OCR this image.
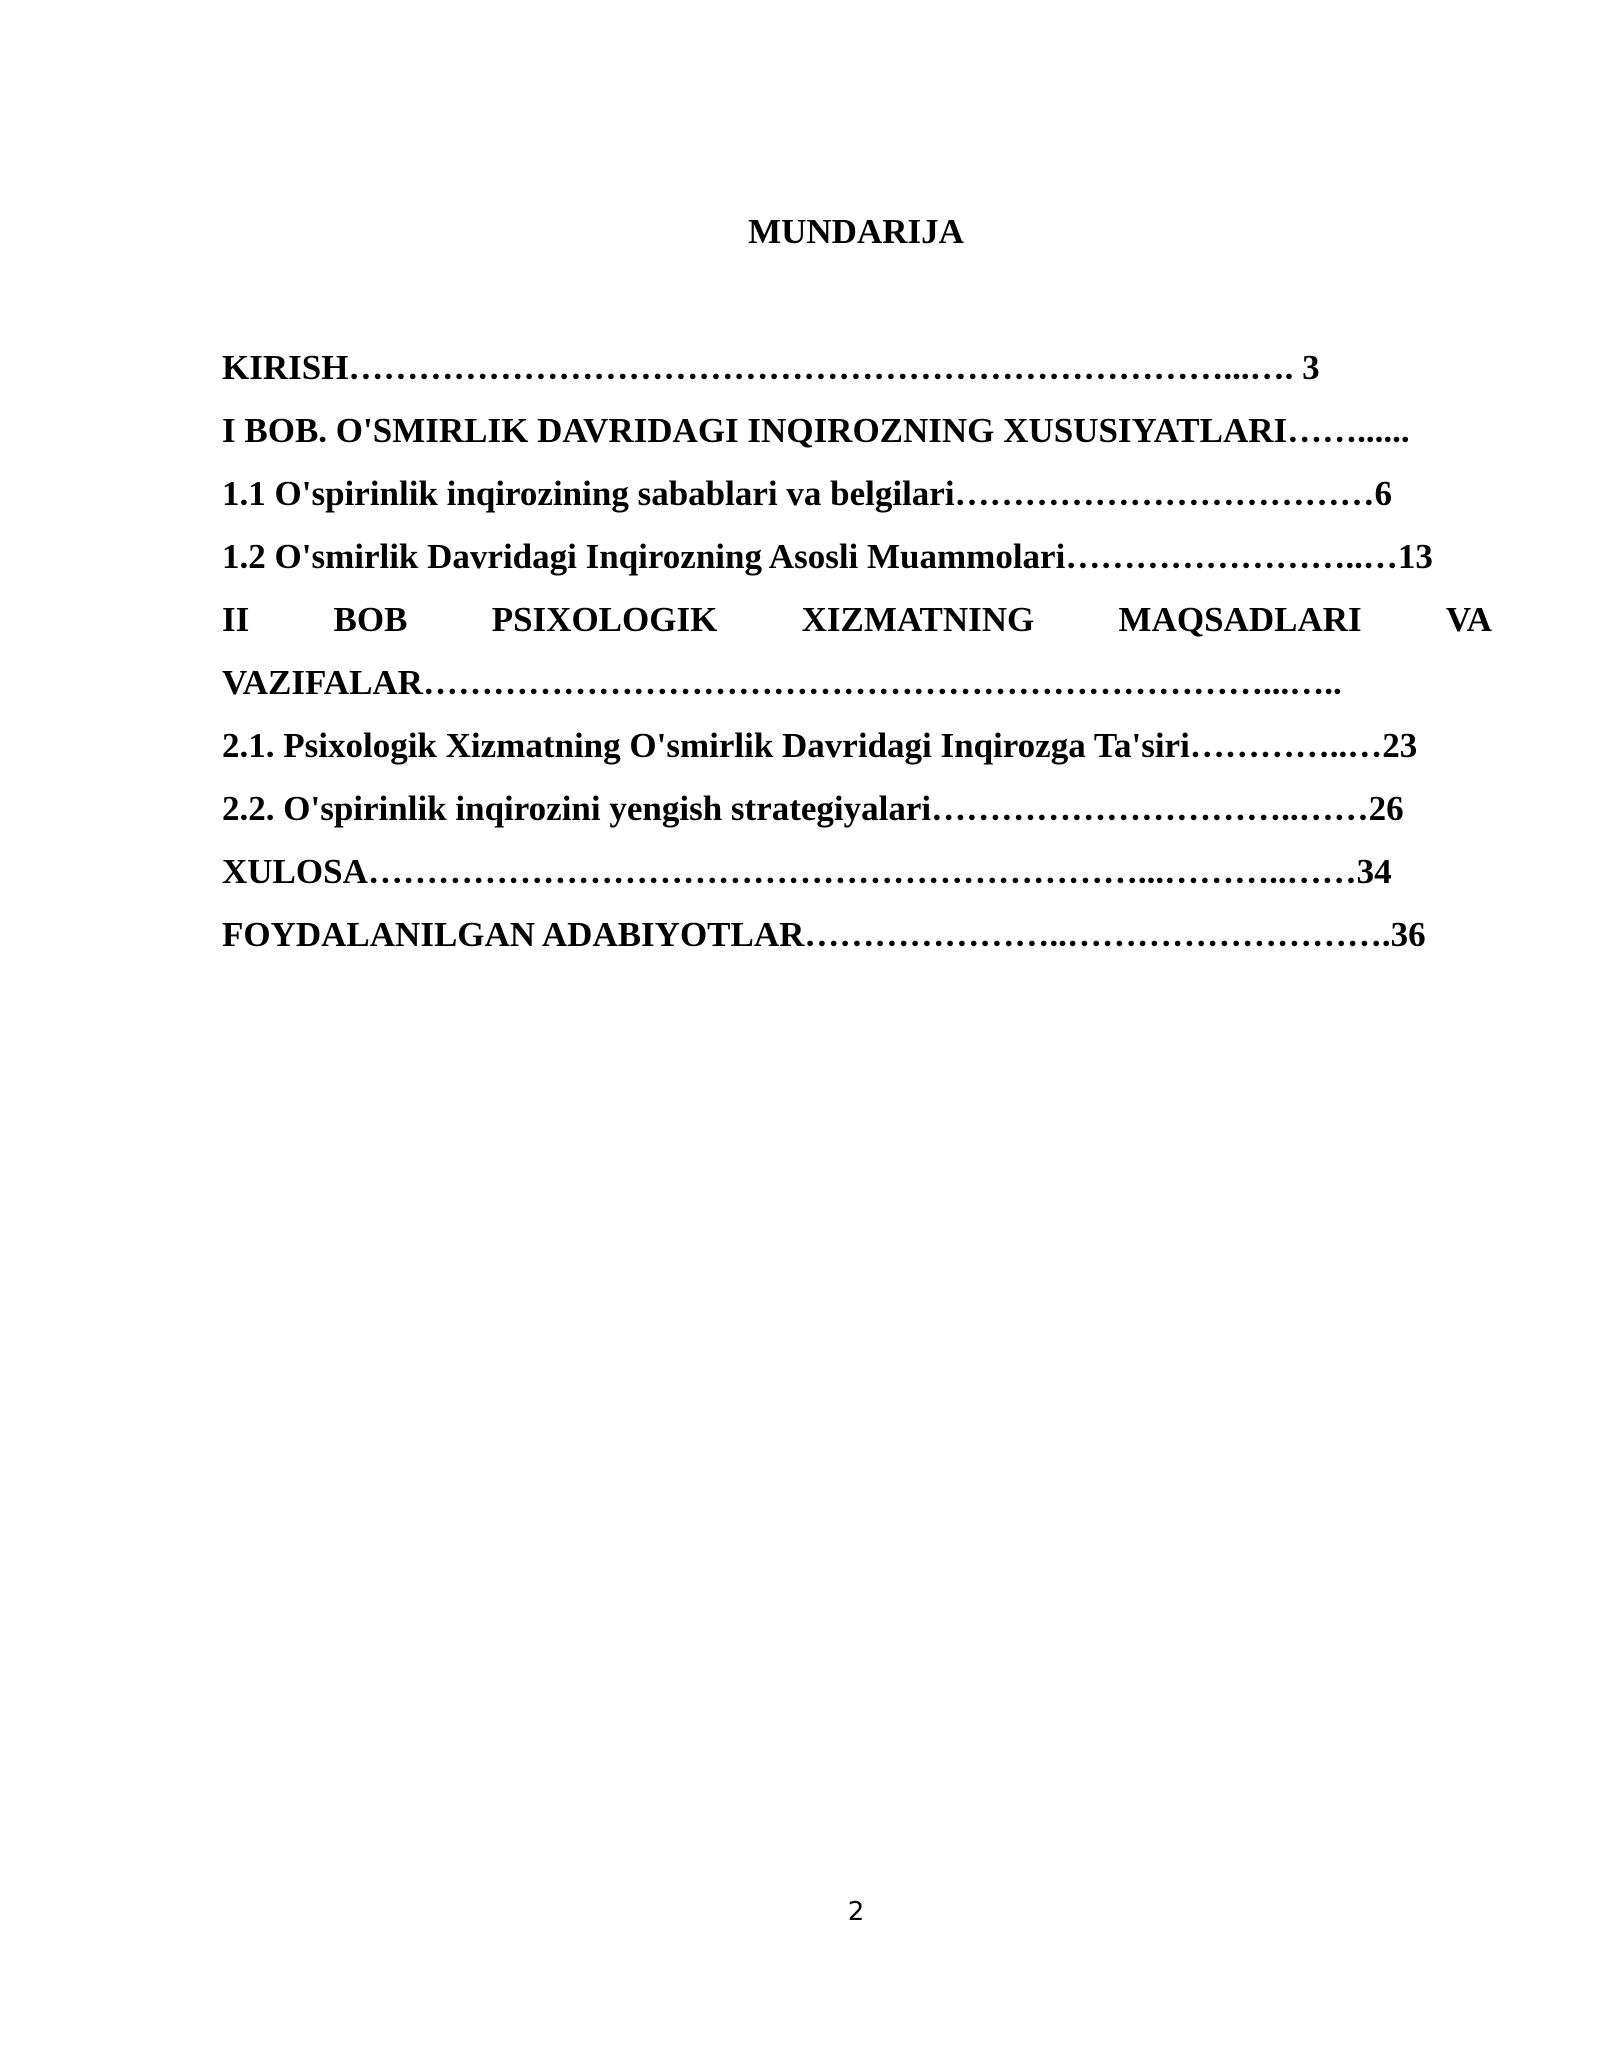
MUNDARIJA
KIRISH…………………………………………………………………...…. 3
I BOB. O'SMIRLIK DAVRIDAGI INQIROZNING XUSUSIYATLARI……......
1.1 O'spirinlik inqirozining sabablari va belgilari………………………………6
1.2 O'smirlik Davridagi Inqirozning Asosli Muammolari……………………..…13
II BOB PSIXOLOGIK XIZMATNING MAQSADLARI VA
VAZIFALAR………………………………………………………………...…..
2.1. Psixologik Xizmatning O'smirlik Davridagi Inqirozga Ta'siri…………..…23
2.2. O'spirinlik inqirozini yengish strategiyalari…………………………..……26
XULOSA…………………………………………………………...………..……34
FOYDALANILGAN ADABIYOTLAR…………………..……………………….36
2
